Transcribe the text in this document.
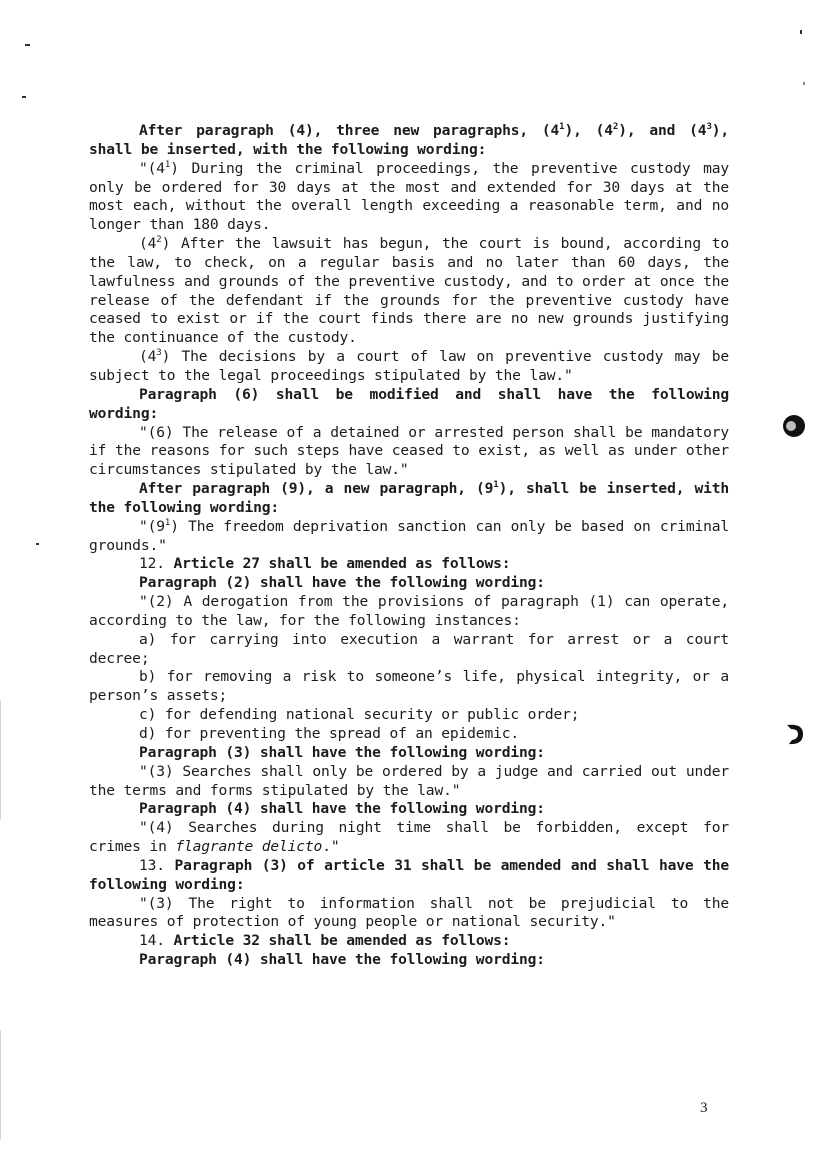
After paragraph (4), three new paragraphs, $(4^1)$, $(4^2)$, and $(4^3)$, shall be inserted, with the following wording:

"$(4^1)$ During the criminal proceedings, the preventive custody may only be ordered for 30 days at the most and extended for 30 days at the most each, without the overall length exceeding a reasonable term, and no longer than 180 days.

$(4^2)$ After the lawsuit has begun, the court is bound, according to the law, to check, on a regular basis and no later than 60 days, the lawfulness and grounds of the preventive custody, and to order at once the release of the defendant if the grounds for the preventive custody have ceased to exist or if the court finds there are no new grounds justifying the continuance of the custody.

$(4^3)$ The decisions by a court of law on preventive custody may be subject to the legal proceedings stipulated by the law."

Paragraph (6) shall be modified and shall have the following wording:

"(6) The release of a detained or arrested person shall be mandatory if the reasons for such steps have ceased to exist, as well as under other circumstances stipulated by the law."

After paragraph (9), a new paragraph, $(9^1)$, shall be inserted, with the following wording:

"$(9^1)$ The freedom deprivation sanction can only be based on criminal grounds."

12. Article 27 shall be amended as follows:

Paragraph (2) shall have the following wording:

"(2) A derogation from the provisions of paragraph (1) can operate, according to the law, for the following instances:

a) for carrying into execution a warrant for arrest or a court decree;

b) for removing a risk to someone’s life, physical integrity, or a person’s assets;

c) for defending national security or public order;

d) for preventing the spread of an epidemic.

Paragraph (3) shall have the following wording:

"(3) Searches shall only be ordered by a judge and carried out under the terms and forms stipulated by the law."

Paragraph (4) shall have the following wording:

"(4) Searches during night time shall be forbidden, except for crimes in flagrante delicto."

13. Paragraph (3) of article 31 shall be amended and shall have the following wording:

"(3) The right to information shall not be prejudicial to the measures of protection of young people or national security."

14. Article 32 shall be amended as follows:

Paragraph (4) shall have the following wording:

3
